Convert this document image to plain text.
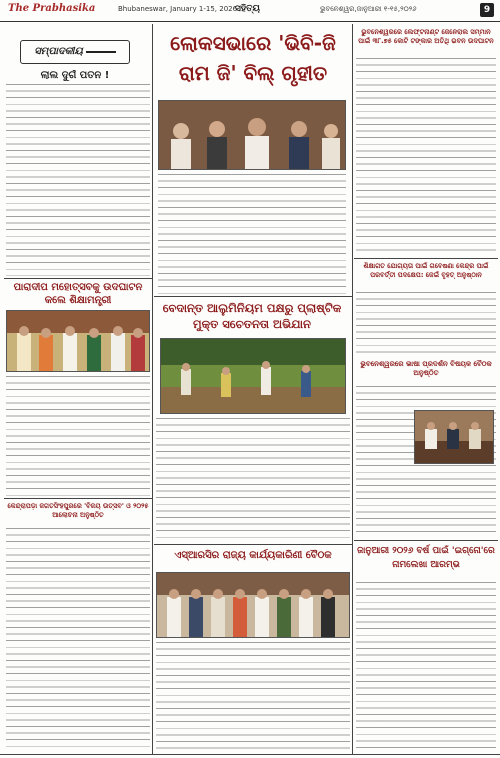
The Prabhasika	Bhubaneswar, January 1-15, 2026
ସହିତ୍ୟ	ଭୁବନେଶ୍ୱର,ଜାନୁଆରୀ ୧-୧୫,୨୦୨୬	9
ସମ୍ପାଦକୀୟ
ଲାଲ ଦୁର୍ଗ ପତନ !
ଲୋକସଭାରେ 'ଭିବି-ଜି
ରାମ ଜି' ବିଲ୍ ଗୃହୀତ
ଭୁବନେଶ୍ୱରରେ ଲେଫ୍ଟନାଣ୍ଟ ଜେନେରାଲ ସମ୍ମାନ ପାଇଁ ୩୮.୭୫ କୋଟି ଟଙ୍କାର ଅତିଥି ଭବନ ଉଦଘାଟନ
ପାରାଦୀପ ମହୋତ୍ସବକୁ ଉଦଘାଟନ କଲେ ଶିକ୍ଷାମନ୍ତ୍ରୀ
ବେଦାନ୍ତ ଆଲୁମିନିୟମ ପକ୍ଷରୁ ପ୍ଲାଷ୍ଟିକ ମୁକ୍ତ ସଚେତନତା ଅଭିଯାନ
ଶିକ୍ଷାଗତ ଯୋଗ୍ୟତା ପାଇଁ ଗବେଷଣା କେନ୍ଦ୍ର ପାଇଁ ପରବର୍ତ୍ତୀ ପଦକ୍ଷେପ: ଜେଇଁ ବୃହତ୍ ଅନୁଷ୍ଠାନ
ଭୁବନେଶ୍ୱରରେ ଭାଷା ପ୍ରଦର୍ଶନ ବିଷୟକ ବୈଠକ ଅନୁଷ୍ଠିତ
କେନ୍ଦ୍ରାପଡ଼ା ଜଗତସିଂହପୁରରେ 'ବିଜୟ ଉତ୍ସବ' ଓ ୨୦୨୫ ଆଲୋଚନା ଅନୁଷ୍ଠିତ
ଏସ୍ଆରସିର ରାଜ୍ୟ କାର୍ଯ୍ୟକାରିଣୀ ବୈଠକ	ଜାନୁଆରୀ ୨୦୨୬ ବର୍ଷ ପାଇଁ 'ଇଗ୍ନୋ'ରେ ନାମଲେଖା ଆରମ୍ଭ
